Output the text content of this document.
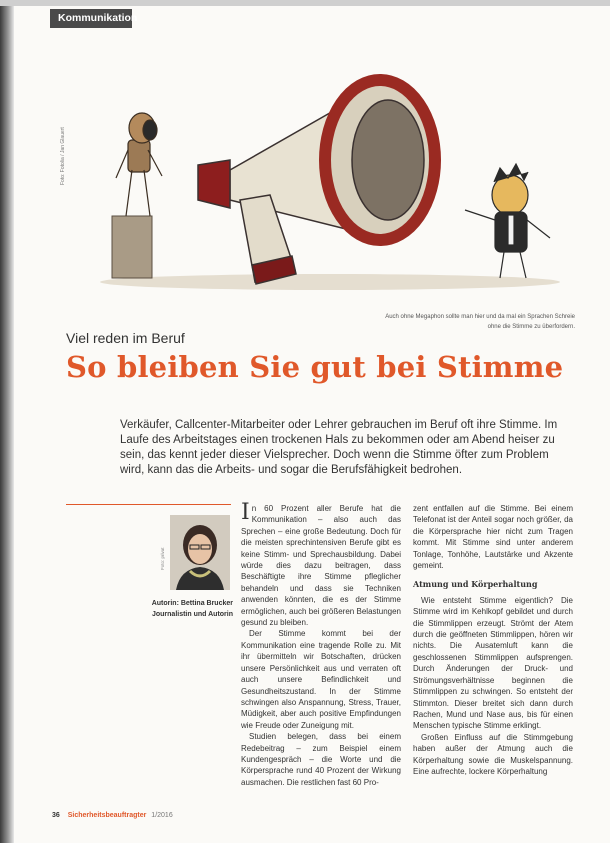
Kommunikation
Foto: Fotolia / Jan Glauert
Auch ohne Megaphon sollte man hier und da mal ein Sprachen Schreie
ohne die Stimme zu überfordern.
Viel reden im Beruf
So bleiben Sie gut bei Stimme
Verkäufer, Callcenter-Mitarbeiter oder Lehrer gebrauchen im Beruf oft ihre Stimme. Im Laufe des Arbeitstages einen trockenen Hals zu bekommen oder am Abend heiser zu sein, das kennt jeder dieser Vielsprecher. Doch wenn die Stimme öfter zum Problem wird, kann das die Arbeits- und sogar die Berufsfähigkeit bedrohen.
Foto: privat
Autorin: Bettina Brucker
Journalistin und Autorin

In 60 Prozent aller Berufe hat die Kommunikation – also auch das Sprechen – eine große Bedeutung. Doch für die meisten sprechintensiven Berufe gibt es keine Stimm- und Sprechausbildung. Dabei würde dies dazu beitragen, dass Beschäftigte ihre Stimme pfleglicher behandeln und dass sie Techniken anwenden könnten, die es der Stimme ermöglichen, auch bei größeren Belastungen gesund zu bleiben.

Der Stimme kommt bei der Kommunikation eine tragende Rolle zu. Mit ihr übermitteln wir Botschaften, drücken unsere Persönlichkeit aus und verraten oft auch unsere Befindlichkeit und Gesundheitszustand. In der Stimme schwingen also Anspannung, Stress, Trauer, Müdigkeit, aber auch positive Empfindungen wie Freude oder Zuneigung mit.

Studien belegen, dass bei einem Redebeitrag – zum Beispiel einem Kundengespräch – die Worte und die Körpersprache rund 40 Prozent der Wirkung ausmachen. Die restlichen fast 60 Pro-

zent entfallen auf die Stimme. Bei einem Telefonat ist der Anteil sogar noch größer, da die Körpersprache hier nicht zum Tragen kommt. Mit Stimme sind unter anderem Tonlage, Tonhöhe, Lautstärke und Akzente gemeint.

Atmung und Körperhaltung

Wie entsteht Stimme eigentlich? Die Stimme wird im Kehlkopf gebildet und durch die Stimmlippen erzeugt. Strömt der Atem durch die geöffneten Stimmlippen, hören wir nichts. Die Ausatemluft kann die geschlossenen Stimmlippen aufsprengen. Durch Änderungen der Druck- und Strömungsverhältnisse beginnen die Stimmlippen zu schwingen. So entsteht der Stimmton. Dieser breitet sich dann durch Rachen, Mund und Nase aus, bis für einen Menschen typische Stimme erklingt.

Großen Einfluss auf die Stimmgebung haben außer der Atmung auch die Körperhaltung sowie die Muskelspannung. Eine aufrechte, lockere Körperhaltung

36 Sicherheitsbeauftragter 1/2016
